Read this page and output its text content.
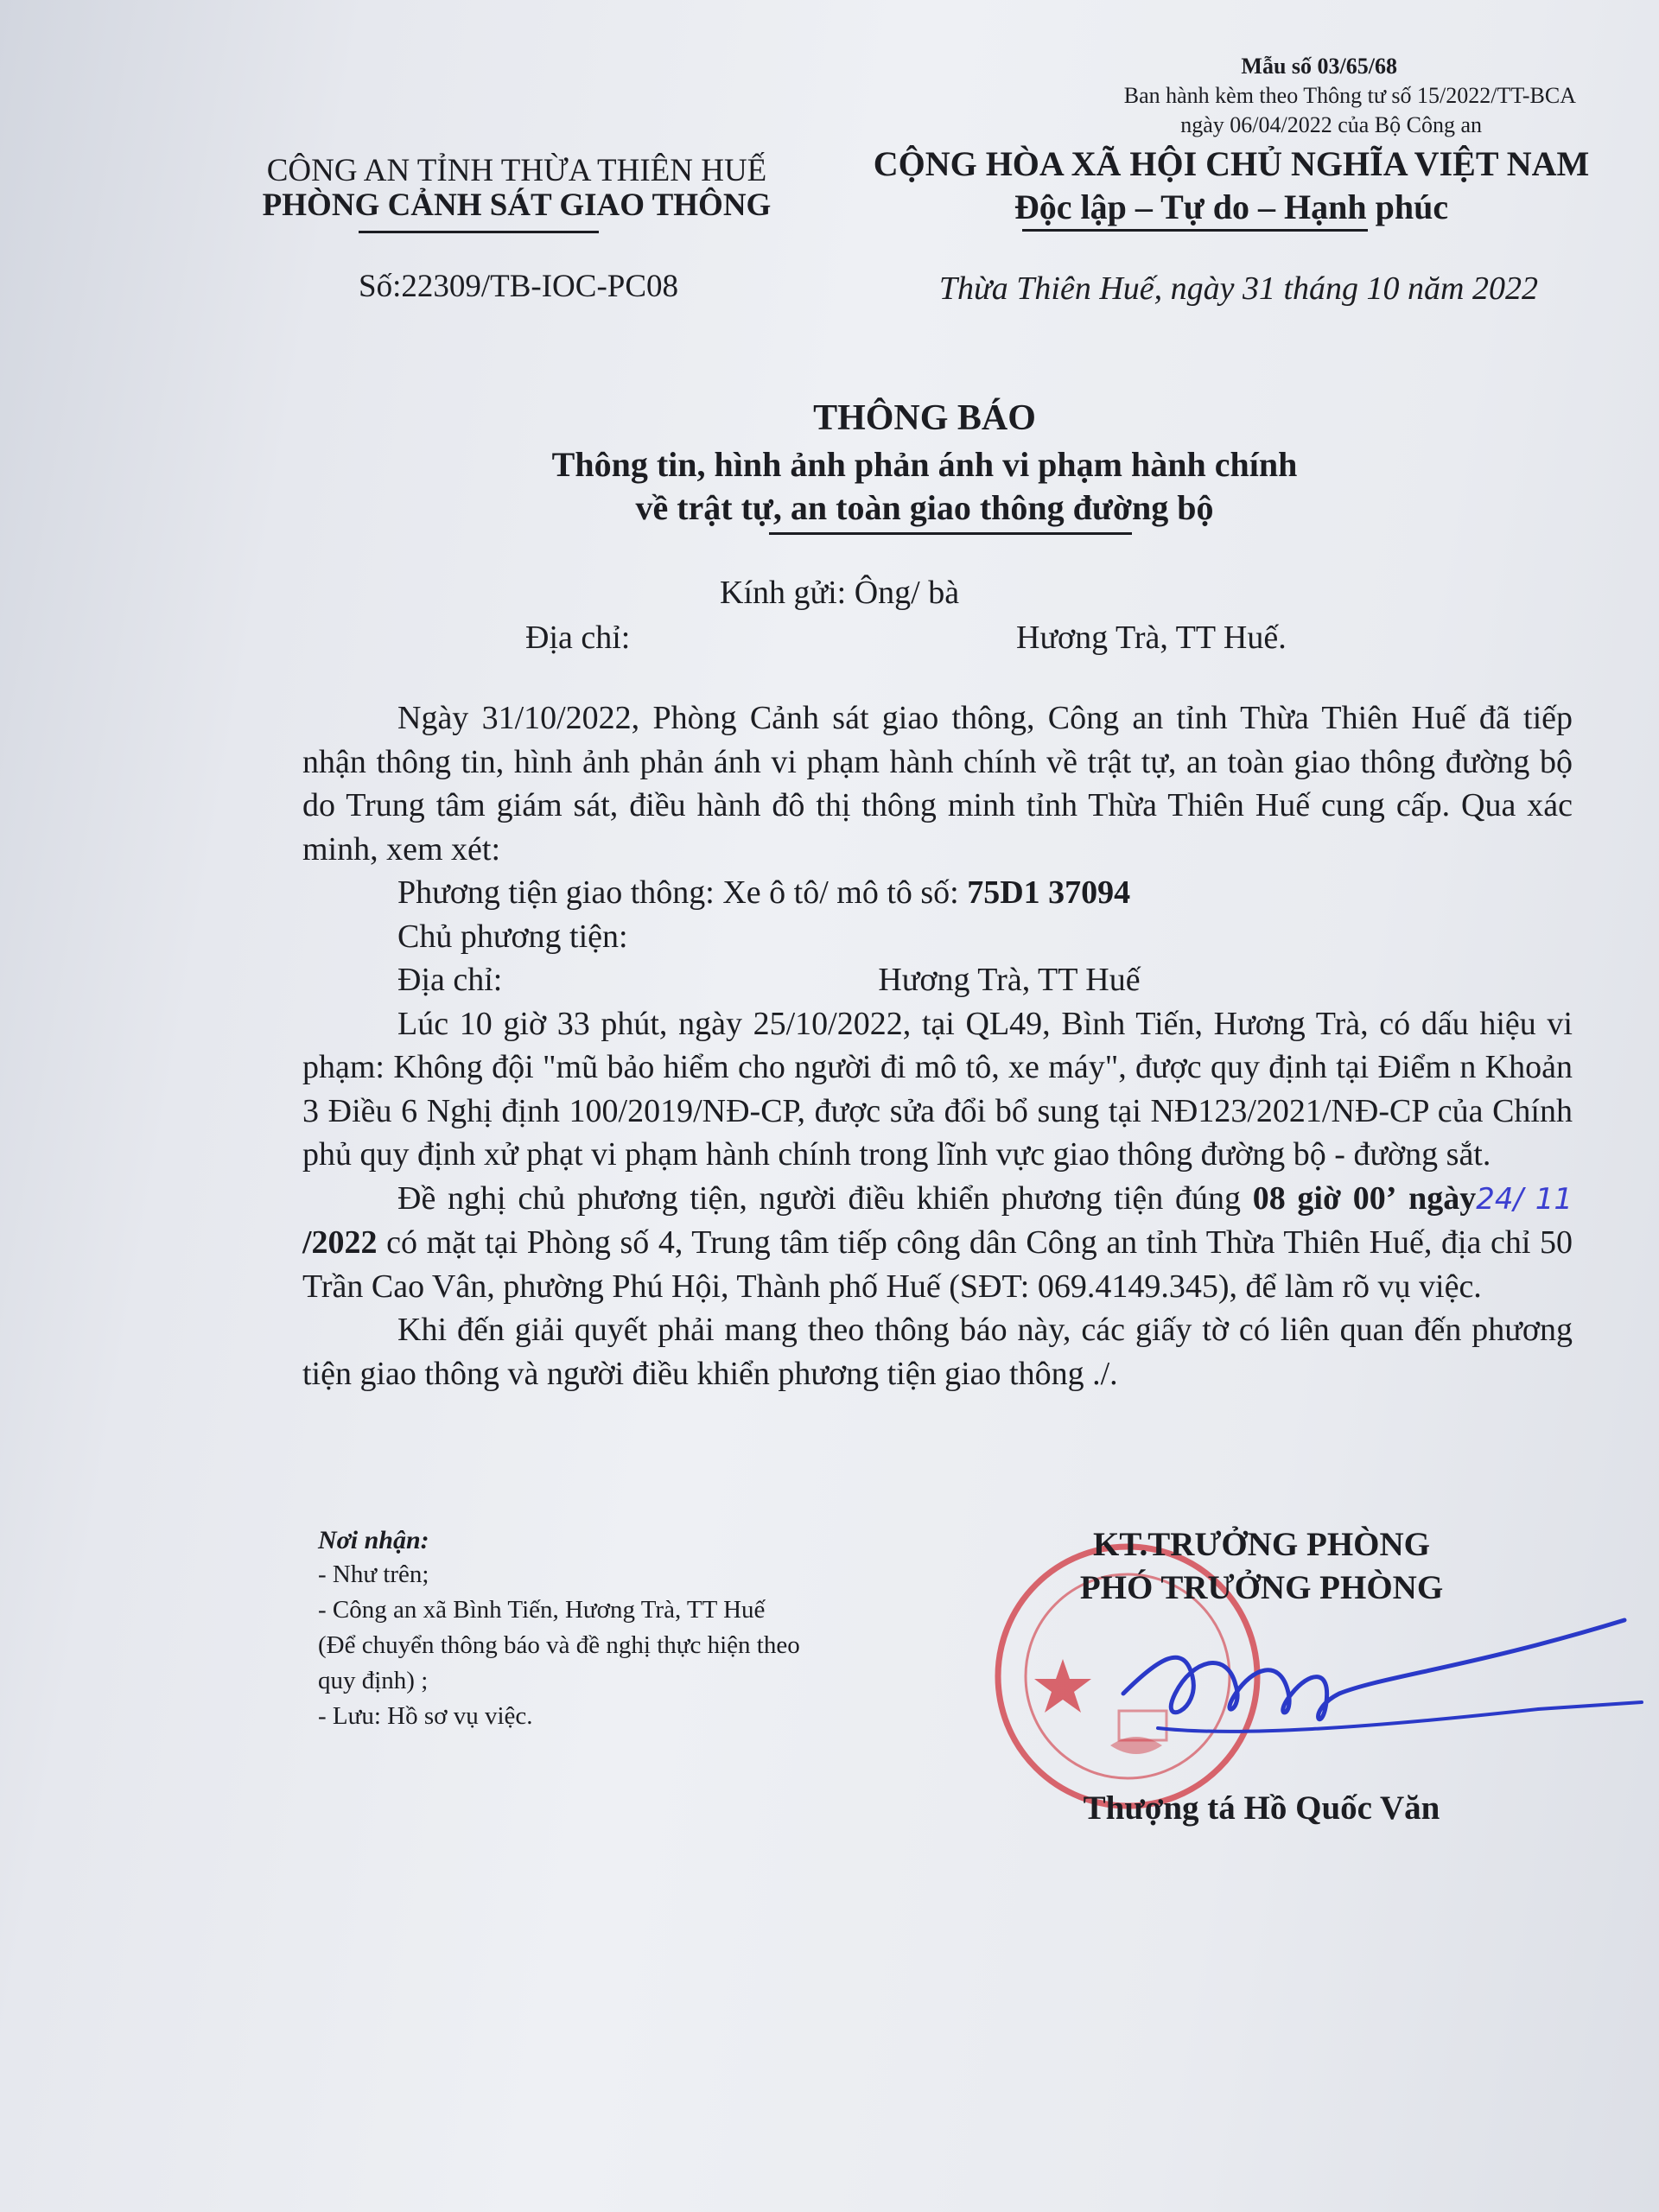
Mẫu số 03/65/68
Ban hành kèm theo Thông tư số 15/2022/TT-BCA
ngày 06/04/2022 của Bộ Công an
CÔNG AN TỈNH THỪA THIÊN HUẾ
PHÒNG CẢNH SÁT GIAO THÔNG
CỘNG HÒA XÃ HỘI CHỦ NGHĨA VIỆT NAM
Độc lập – Tự do – Hạnh phúc
Số:22309/TB-IOC-PC08	Thừa Thiên Huế, ngày 31 tháng 10 năm 2022
THÔNG BÁO
Thông tin, hình ảnh phản ánh vi phạm hành chính
về trật tự, an toàn giao thông đường bộ
Kính gửi: Ông/ bà
Địa chỉ:	Hương Trà, TT Huế.

Ngày 31/10/2022, Phòng Cảnh sát giao thông, Công an tỉnh Thừa Thiên Huế đã tiếp nhận thông tin, hình ảnh phản ánh vi phạm hành chính về trật tự, an toàn giao thông đường bộ do Trung tâm giám sát, điều hành đô thị thông minh tỉnh Thừa Thiên Huế cung cấp. Qua xác minh, xem xét:

Phương tiện giao thông: Xe ô tô/ mô tô số: 75D1 37094

Chủ phương tiện:

Địa chỉ:	Hương Trà, TT Huế

Lúc 10 giờ 33 phút, ngày 25/10/2022, tại QL49, Bình Tiến, Hương Trà, có dấu hiệu vi phạm: Không đội "mũ bảo hiểm cho người đi mô tô, xe máy", được quy định tại Điểm n Khoản 3 Điều 6 Nghị định 100/2019/NĐ-CP, được sửa đổi bổ sung tại NĐ123/2021/NĐ-CP của Chính phủ quy định xử phạt vi phạm hành chính trong lĩnh vực giao thông đường bộ - đường sắt.

Đề nghị chủ phương tiện, người điều khiển phương tiện đúng 08 giờ 00’ ngày24/ 11 /2022 có mặt tại Phòng số 4, Trung tâm tiếp công dân Công an tỉnh Thừa Thiên Huế, địa chỉ 50 Trần Cao Vân, phường Phú Hội, Thành phố Huế (SĐT: 069.4149.345), để làm rõ vụ việc.

Khi đến giải quyết phải mang theo thông báo này, các giấy tờ có liên quan đến phương tiện giao thông và người điều khiển phương tiện giao thông ./.

Nơi nhận:
- Như trên;
- Công an xã Bình Tiến, Hương Trà, TT Huế
(Để chuyển thông báo và đề nghị thực hiện theo
quy định) ;
- Lưu: Hồ sơ vụ việc.
KT.TRƯỞNG PHÒNG
PHÓ TRƯỞNG PHÒNG
Thượng tá Hồ Quốc Văn
